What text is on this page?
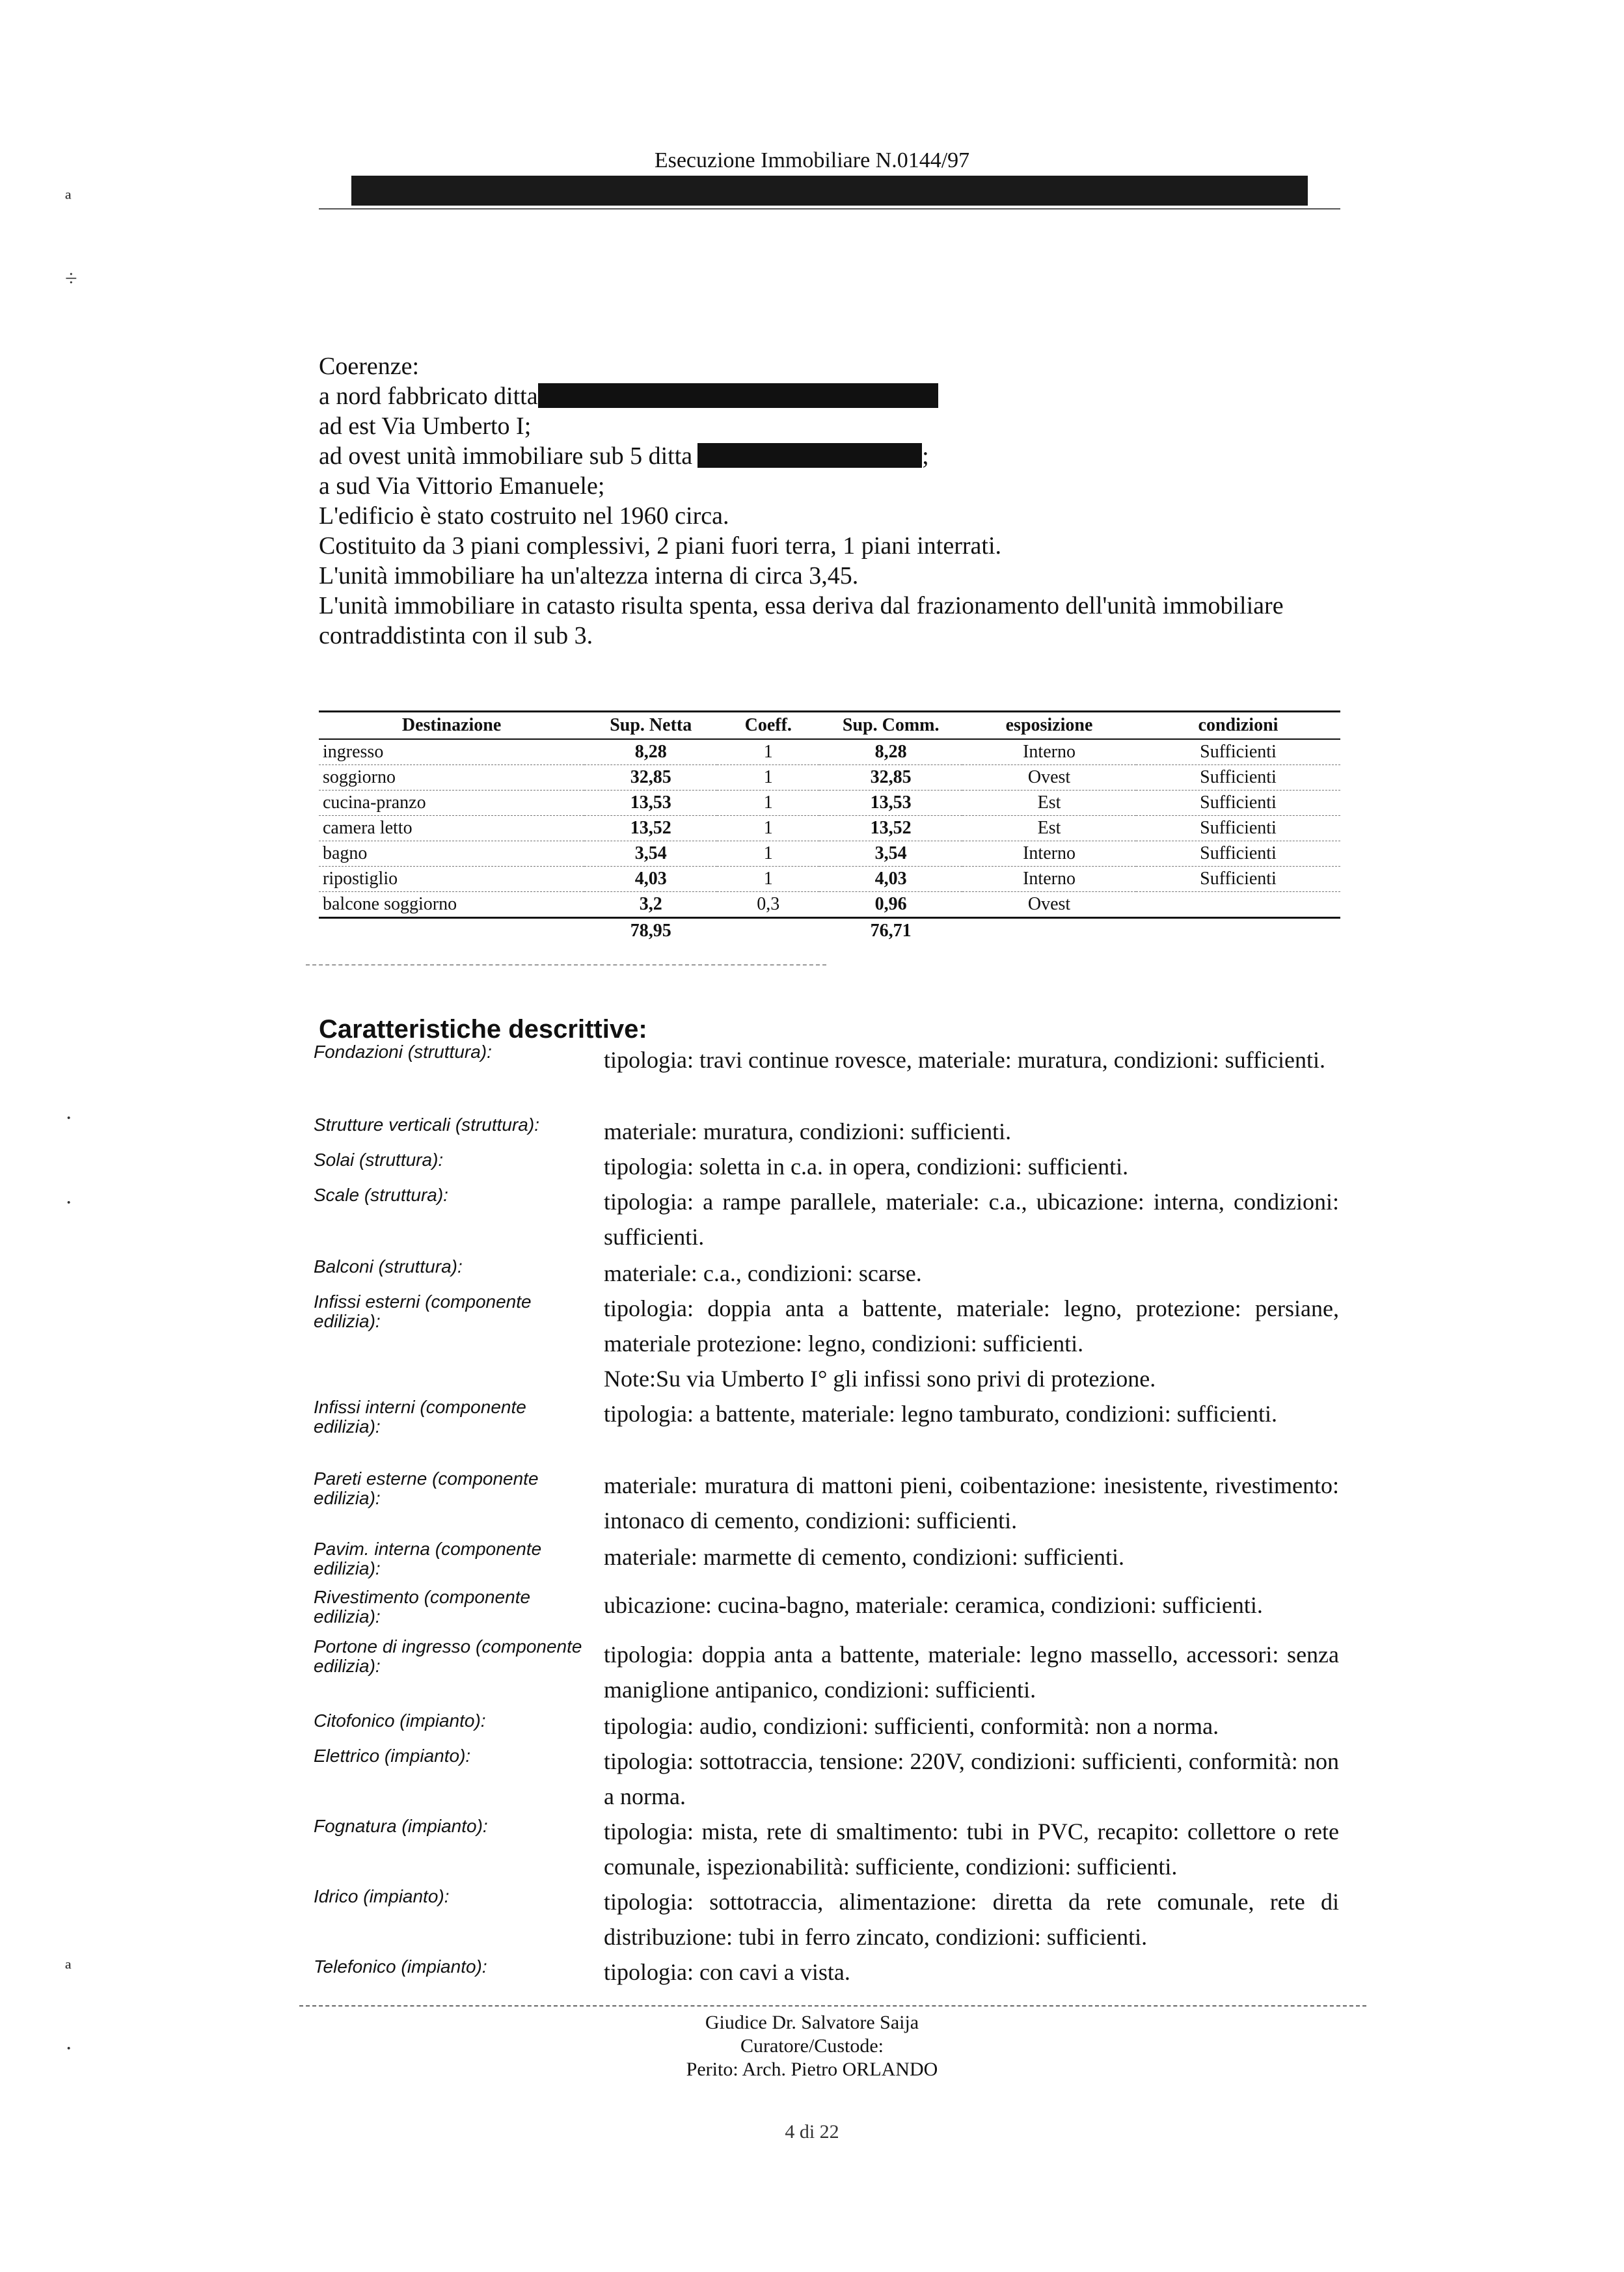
Esecuzione Immobiliare N.0144/97
ª
÷
·
·
ª
·
Coerenze:
a nord fabbricato ditta
ad est Via Umberto I;
ad ovest unità immobiliare sub 5 ditta	;
a sud Via Vittorio Emanuele;
L'edificio è stato costruito nel 1960 circa.
Costituito da 3 piani complessivi, 2 piani fuori terra, 1 piani interrati.
L'unità immobiliare ha un'altezza interna di circa 3,45.
L'unità immobiliare in catasto risulta spenta, essa deriva dal frazionamento dell'unità immobiliare
contraddistinta con il sub 3.
Destinazione	Sup. Netta	Coeff.	Sup. Comm.	esposizione	condizioni
ingresso	8,28	1	8,28	Interno	Sufficienti
soggiorno	32,85	1	32,85	Ovest	Sufficienti
cucina-pranzo	13,53	1	13,53	Est	Sufficienti
camera letto	13,52	1	13,52	Est	Sufficienti
bagno	3,54	1	3,54	Interno	Sufficienti
ripostiglio	4,03	1	4,03	Interno	Sufficienti
balcone soggiorno	3,2	0,3	0,96	Ovest	
	78,95		76,71		
Caratteristiche descrittive:
Fondazioni (struttura):	tipologia: travi continue rovesce, materiale: muratura, condizioni: sufficienti.
Strutture verticali (struttura):	materiale: muratura, condizioni: sufficienti.
Solai (struttura):	tipologia: soletta in c.a. in opera, condizioni: sufficienti.
Scale (struttura):	tipologia: a rampe parallele, materiale: c.a., ubicazione: interna, condizioni: sufficienti.
Balconi (struttura):	materiale: c.a., condizioni: scarse.
Infissi esterni (componente edilizia):	tipologia: doppia anta a battente, materiale: legno, protezione: persiane, materiale protezione: legno, condizioni: sufficienti.
Note:Su via Umberto I° gli infissi sono privi di protezione.
Infissi interni (componente edilizia):	tipologia: a battente, materiale: legno tamburato, condizioni: sufficienti.
Pareti esterne (componente edilizia):	materiale: muratura di mattoni pieni, coibentazione: inesistente, rivestimento: intonaco di cemento, condizioni: sufficienti.
Pavim. interna (componente edilizia):	materiale: marmette di cemento, condizioni: sufficienti.
Rivestimento (componente edilizia):	ubicazione: cucina-bagno, materiale: ceramica, condizioni: sufficienti.
Portone di ingresso (componente edilizia):	tipologia: doppia anta a battente, materiale: legno massello, accessori: senza maniglione antipanico, condizioni: sufficienti.
Citofonico (impianto):	tipologia: audio, condizioni: sufficienti, conformità: non a norma.
Elettrico (impianto):	tipologia: sottotraccia, tensione: 220V, condizioni: sufficienti, conformità: non a norma.
Fognatura (impianto):	tipologia: mista, rete di smaltimento: tubi in PVC, recapito: collettore o rete comunale, ispezionabilità: sufficiente, condizioni: sufficienti.
Idrico (impianto):	tipologia: sottotraccia, alimentazione: diretta da rete comunale, rete di distribuzione: tubi in ferro zincato, condizioni: sufficienti.
Telefonico (impianto):	tipologia: con cavi a vista.
Giudice Dr. Salvatore Saija
Curatore/Custode:
Perito: Arch. Pietro ORLANDO
4 di 22
